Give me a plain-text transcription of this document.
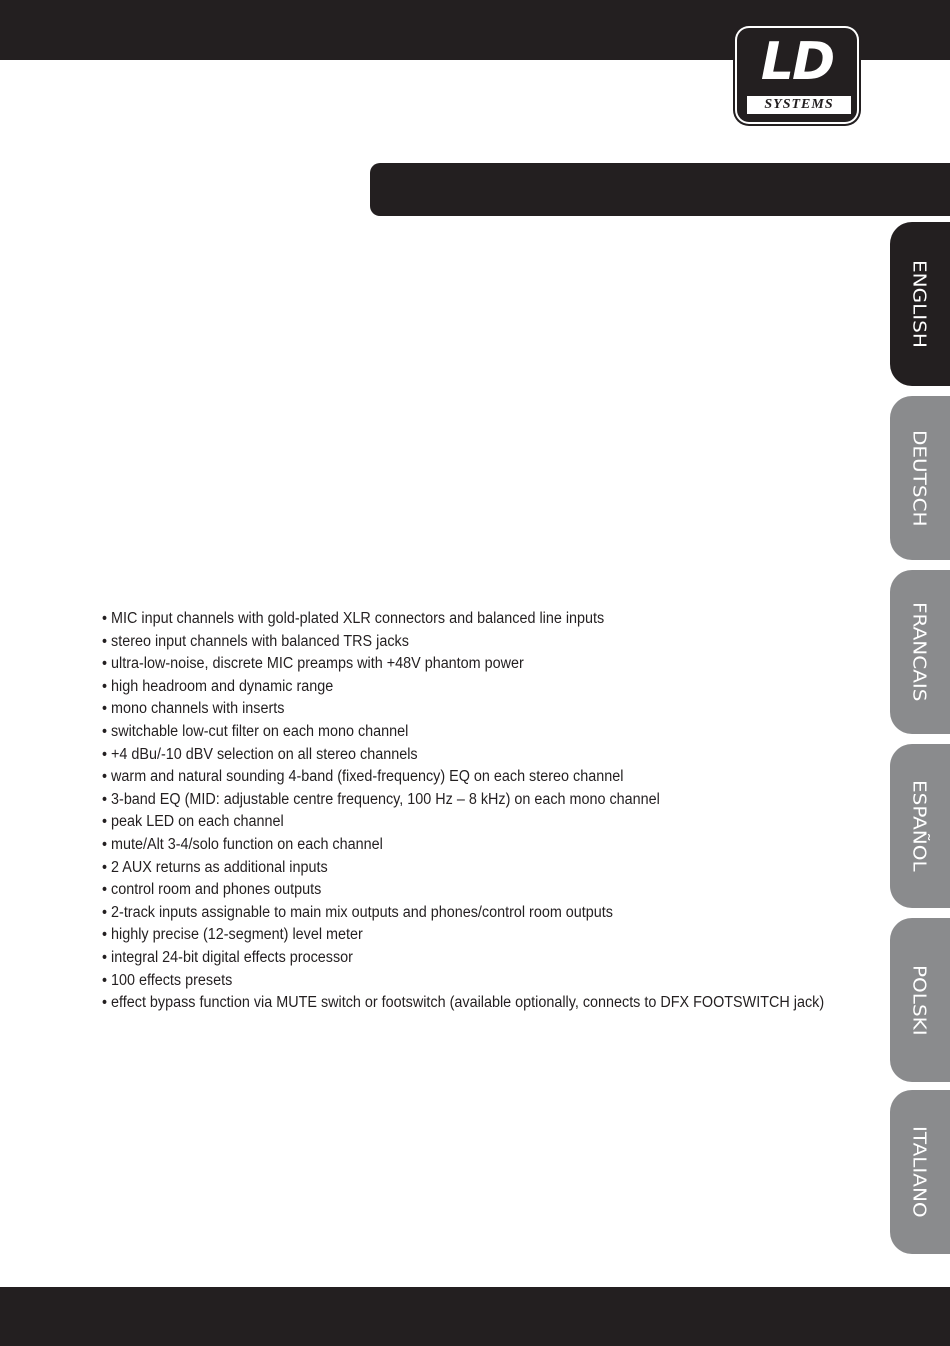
LD
SYSTEMS
• MIC input channels with gold-plated XLR connectors and balanced line inputs
• stereo input channels with balanced TRS jacks
• ultra-low-noise, discrete MIC preamps with +48V phantom power
• high headroom and dynamic range
• mono channels with inserts
• switchable low-cut filter on each mono channel
• +4 dBu/-10 dBV selection on all stereo channels
• warm and natural sounding 4-band (fixed-frequency) EQ on each stereo channel
• 3-band EQ (MID: adjustable centre frequency, 100 Hz – 8 kHz) on each mono channel
• peak LED on each channel
• mute/Alt 3-4/solo function on each channel
• 2 AUX returns as additional inputs
• control room and phones outputs
• 2-track inputs assignable to main mix outputs and phones/control room outputs
• highly precise (12-segment) level meter
• integral 24-bit digital effects processor
• 100 effects presets
• effect bypass function via MUTE switch or footswitch (available optionally, connects to DFX FOOTSWITCH jack)
ENGLISH
DEUTSCH
FRANCAIS
ESPAÑOL
POLSKI
ITALIANO
